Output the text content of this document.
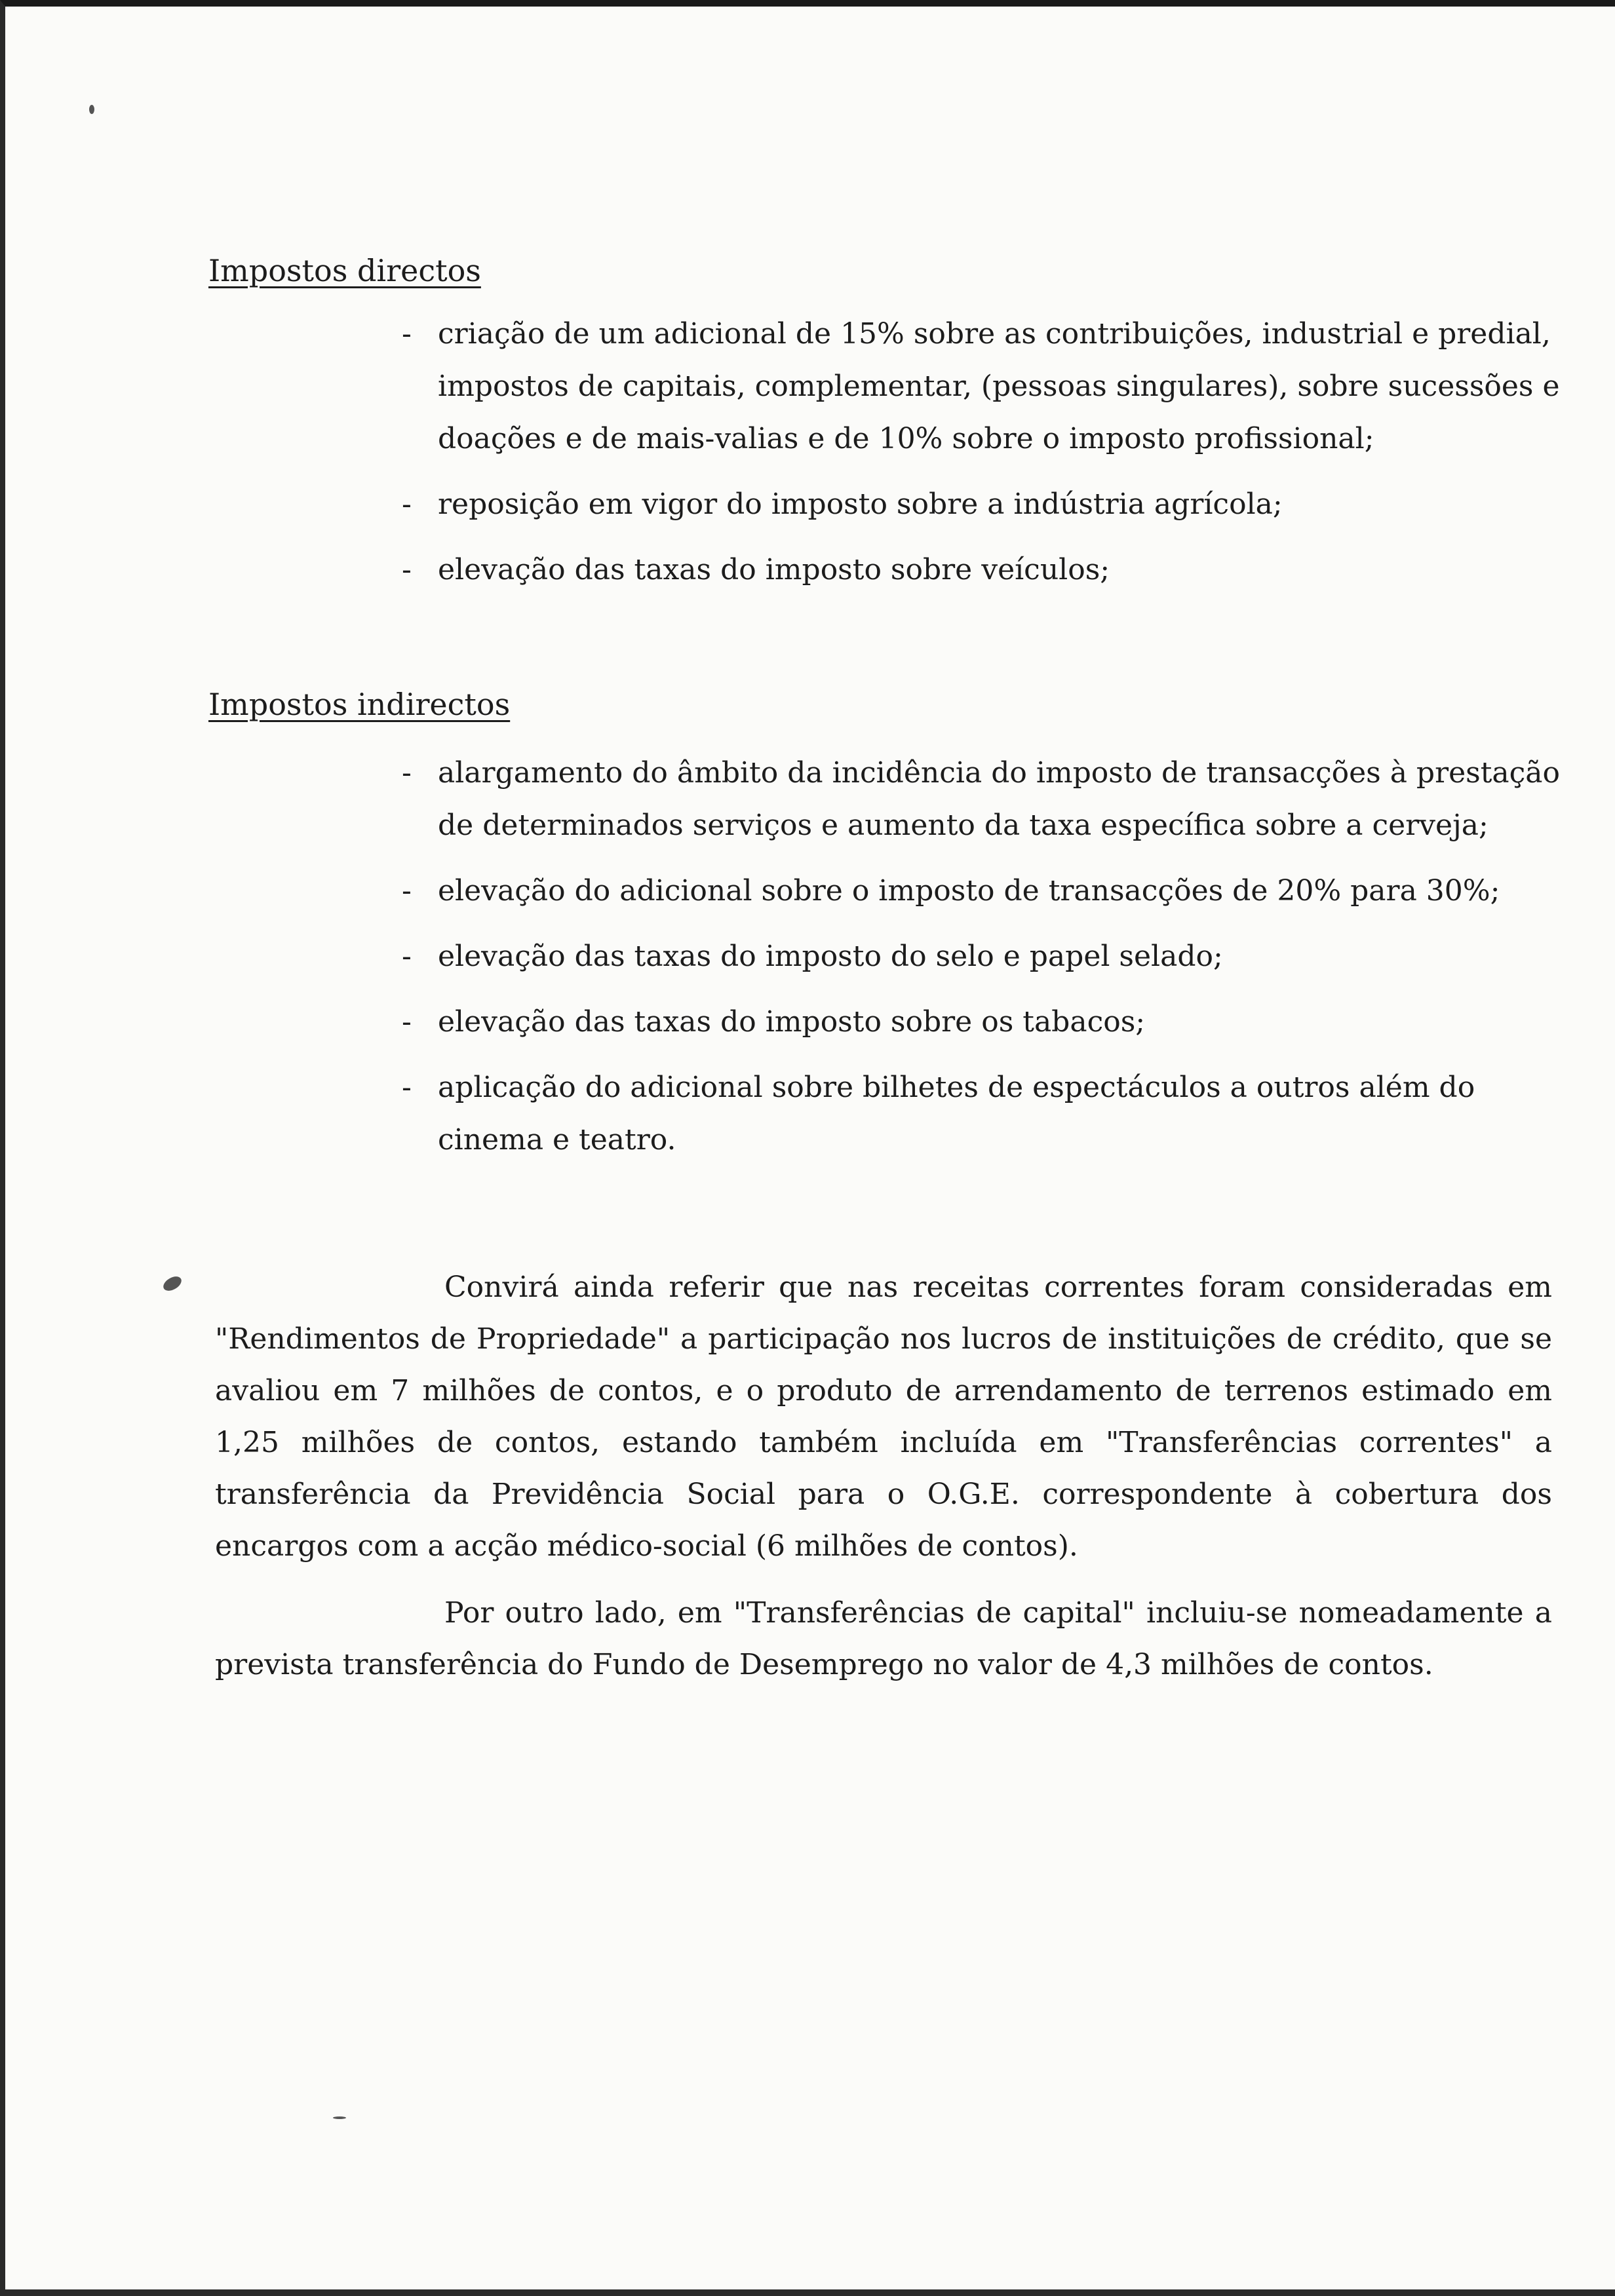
Impostos directos
- criação de um adicional de 15% sobre as contribuições, industrial e predial, impostos de capitais, complementar, (pessoas singulares), sobre sucessões e doações e de mais-valias e de 10% sobre o imposto profissional;
- reposição em vigor do imposto sobre a indústria agrícola;
- elevação das taxas do imposto sobre veículos;
Impostos indirectos
- alargamento do âmbito da incidência do imposto de transacções à prestação de determinados serviços e aumento da taxa específica sobre a cerveja;
- elevação do adicional sobre o imposto de transacções de 20% para 30%;
- elevação das taxas do imposto do selo e papel selado;
- elevação das taxas do imposto sobre os tabacos;
- aplicação do adicional sobre bilhetes de espectáculos a outros além do cinema e teatro.

Convirá ainda referir que nas receitas correntes foram consideradas em "Rendimentos de Propriedade" a participação nos lucros de instituições de crédito, que se avaliou em 7 milhões de contos, e o produto de arrendamento de terrenos estimado em 1,25 milhões de contos, estando também incluída em "Transferências correntes" a transferência da Previdência Social para o O.G.E. correspondente à cobertura dos encargos com a acção médico-social (6 milhões de contos).

Por outro lado, em "Transferências de capital" incluiu-se nomeadamente a prevista transferência do Fundo de Desemprego no valor de 4,3 milhões de contos.
